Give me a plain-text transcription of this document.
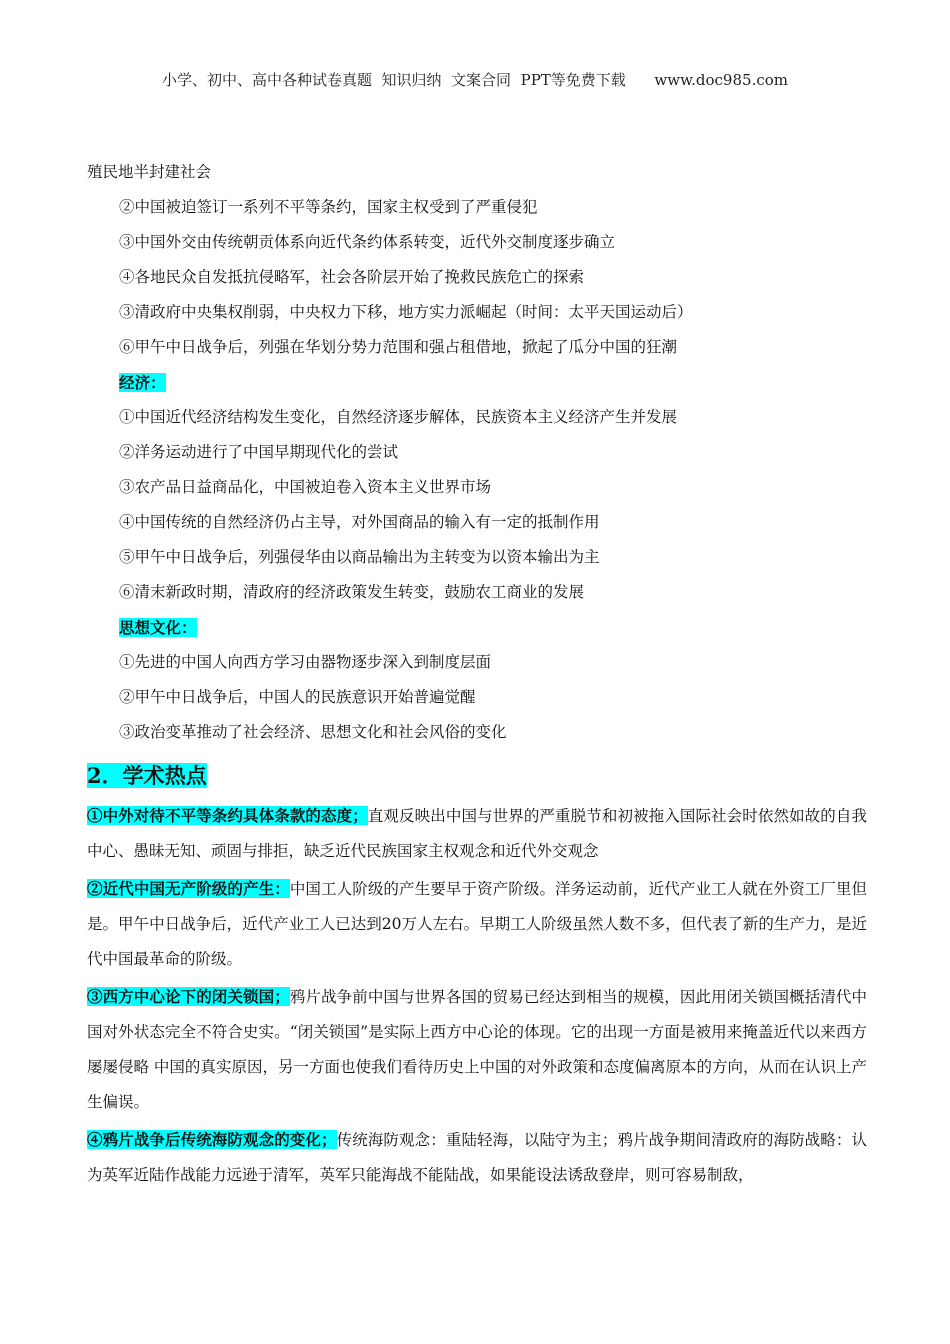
小学、初中、高中各种试卷真题  知识归纳  文案合同  PPT等免费下载      www.doc985.com
殖民地半封建社会
②中国被迫签订一系列不平等条约，国家主权受到了严重侵犯
③中国外交由传统朝贡体系向近代条约体系转变，近代外交制度逐步确立
④各地民众自发抵抗侵略军，社会各阶层开始了挽救民族危亡的探索
③清政府中央集权削弱，中央权力下移，地方实力派崛起（时间：太平天国运动后）
⑥甲午中日战争后，列强在华划分势力范围和强占租借地，掀起了瓜分中国的狂潮
经济：
①中国近代经济结构发生变化，自然经济逐步解体，民族资本主义经济产生并发展
②洋务运动进行了中国早期现代化的尝试
③农产品日益商品化，中国被迫卷入资本主义世界市场
④中国传统的自然经济仍占主导，对外国商品的输入有一定的抵制作用
⑤甲午中日战争后，列强侵华由以商品输出为主转变为以资本输出为主
⑥清末新政时期，清政府的经济政策发生转变，鼓励农工商业的发展
思想文化：
①先进的中国人向西方学习由器物逐步深入到制度层面
②甲午中日战争后，中国人的民族意识开始普遍觉醒
③政治变革推动了社会经济、思想文化和社会风俗的变化
2．学术热点
①中外对待不平等条约具体条款的态度；直观反映出中国与世界的严重脱节和初被拖入国际社会时依然如故的自我中心、愚昧无知、顽固与排拒，缺乏近代民族国家主权观念和近代外交观念
②近代中国无产阶级的产生：中国工人阶级的产生要早于资产阶级。洋务运动前，近代产业工人就在外资工厂里但是。甲午中日战争后，近代产业工人已达到20万人左右。早期工人阶级虽然人数不多，但代表了新的生产力，是近代中国最革命的阶级。
③西方中心论下的闭关锁国；鸦片战争前中国与世界各国的贸易已经达到相当的规模，因此用闭关锁国概括清代中国对外状态完全不符合史实。“闭关锁国”是实际上西方中心论的体现。它的出现一方面是被用来掩盖近代以来西方屡屡侵略 中国的真实原因，另一方面也使我们看待历史上中国的对外政策和态度偏离原本的方向，从而在认识上产生偏误。
④鸦片战争后传统海防观念的变化；传统海防观念：重陆轻海，以陆守为主；鸦片战争期间清政府的海防战略：认为英军近陆作战能力远逊于清军，英军只能海战不能陆战，如果能设法诱敌登岸，则可容易制敌，
